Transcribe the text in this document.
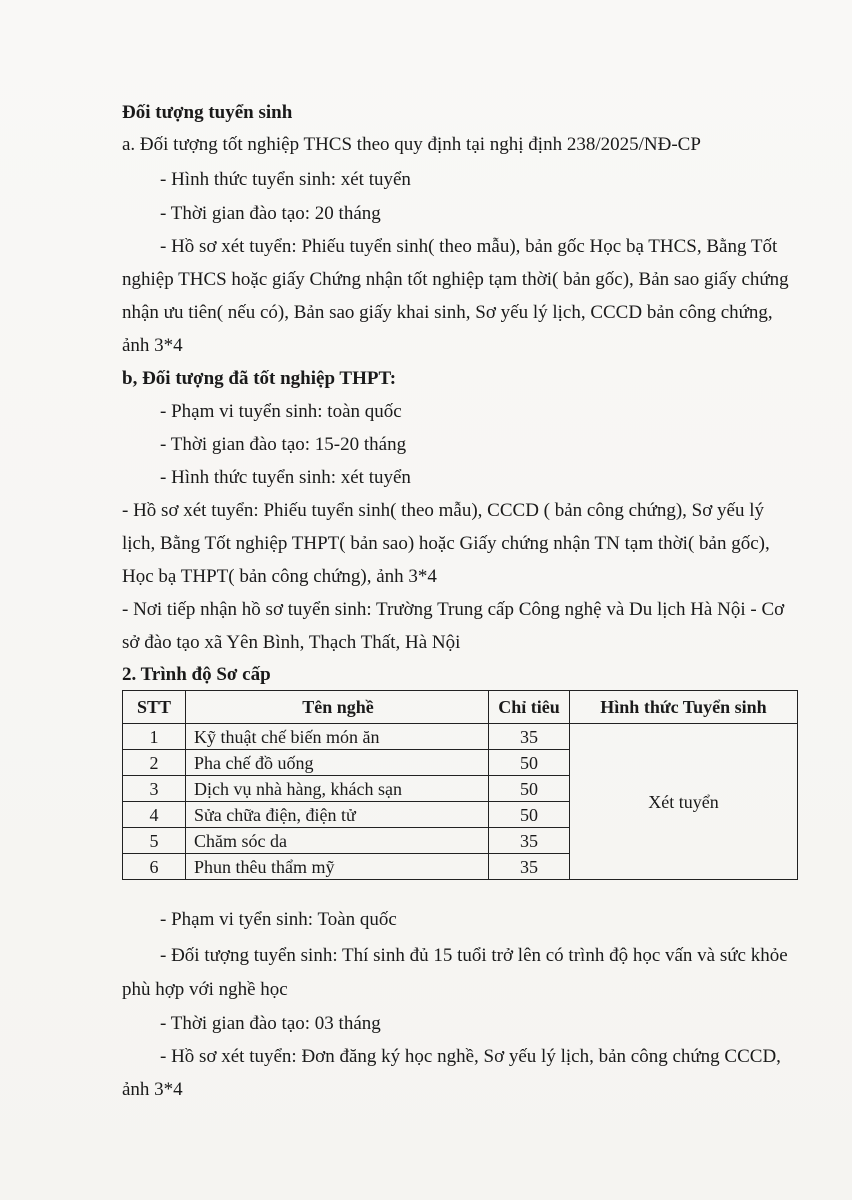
Đối tượng tuyển sinh
a. Đối tượng tốt nghiệp THCS theo quy định tại nghị định 238/2025/NĐ-CP
- Hình thức tuyển sinh: xét tuyển
- Thời gian đào tạo: 20 tháng
- Hồ sơ xét tuyển: Phiếu tuyển sinh( theo mẫu), bản gốc Học bạ THCS, Bằng Tốt
nghiệp THCS hoặc giấy Chứng nhận tốt nghiệp tạm thời( bản gốc), Bản sao giấy chứng
nhận ưu tiên( nếu có), Bản sao giấy khai sinh, Sơ yếu lý lịch, CCCD bản công chứng,
ảnh 3*4
b, Đối tượng đã tốt nghiệp THPT:
- Phạm vi tuyển sinh: toàn quốc
- Thời gian đào tạo: 15-20 tháng
- Hình thức tuyển sinh: xét tuyển
- Hồ sơ xét tuyển: Phiếu tuyển sinh( theo mẫu), CCCD ( bản công chứng), Sơ yếu lý
lịch, Bằng Tốt nghiệp THPT( bản sao) hoặc Giấy chứng nhận TN tạm thời( bản gốc),
Học bạ THPT( bản công chứng), ảnh 3*4
- Nơi tiếp nhận hồ sơ tuyển sinh: Trường Trung cấp Công nghệ và Du lịch Hà Nội - Cơ
sở đào tạo xã Yên Bình, Thạch Thất, Hà Nội
2. Trình độ Sơ cấp
STT	Tên nghề	Chỉ tiêu	Hình thức Tuyển sinh
1	Kỹ thuật chế biến món ăn	35	Xét tuyển
2	Pha chế đồ uống	50	
3	Dịch vụ nhà hàng, khách sạn	50	
4	Sửa chữa điện, điện tử	50	
5	Chăm sóc da	35	
6	Phun thêu thẩm mỹ	35	
- Phạm vi tyển sinh: Toàn quốc
- Đối tượng tuyển sinh: Thí sinh đủ 15 tuổi trở lên có trình độ học vấn và sức khỏe
phù hợp với nghề học
- Thời gian đào tạo: 03 tháng
- Hồ sơ xét tuyển: Đơn đăng ký học nghề, Sơ yếu lý lịch, bản công chứng CCCD,
ảnh 3*4
